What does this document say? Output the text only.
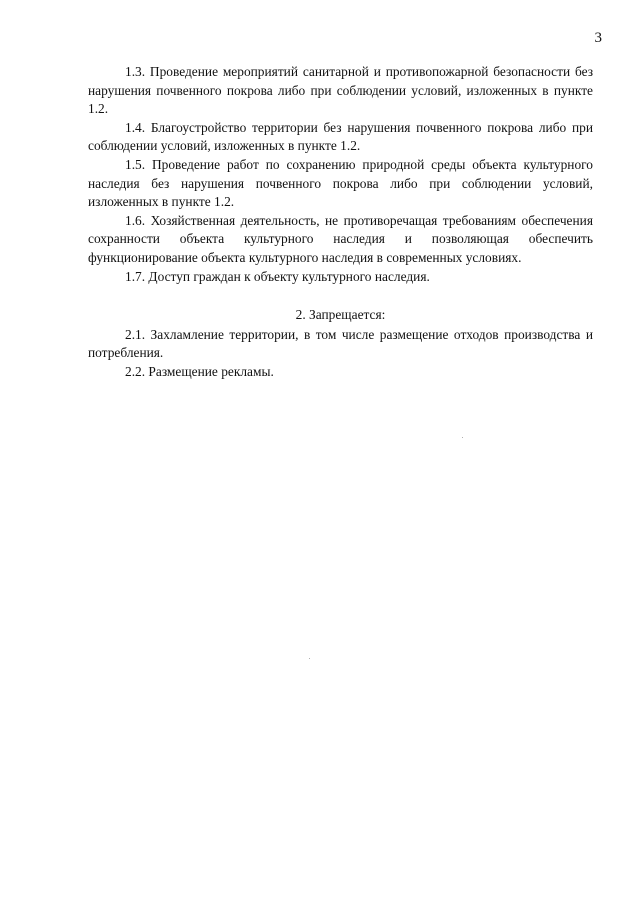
3

1.3. Проведение мероприятий санитарной и противопожарной безопасности без нарушения почвенного покрова либо при соблюдении условий, изложенных в пункте 1.2.

1.4. Благоустройство территории без нарушения почвенного покрова либо при соблюдении условий, изложенных в пункте 1.2.

1.5. Проведение работ по сохранению природной среды объекта культурного наследия без нарушения почвенного покрова либо при соблюдении условий, изложенных в пункте 1.2.

1.6. Хозяйственная деятельность, не противоречащая требованиям обеспечения сохранности объекта культурного наследия и позволяющая обеспечить функционирование объекта культурного наследия в современных условиях.

1.7. Доступ граждан к объекту культурного наследия.

2. Запрещается:

2.1. Захламление территории, в том числе размещение отходов производства и потребления.

2.2. Размещение рекламы.
